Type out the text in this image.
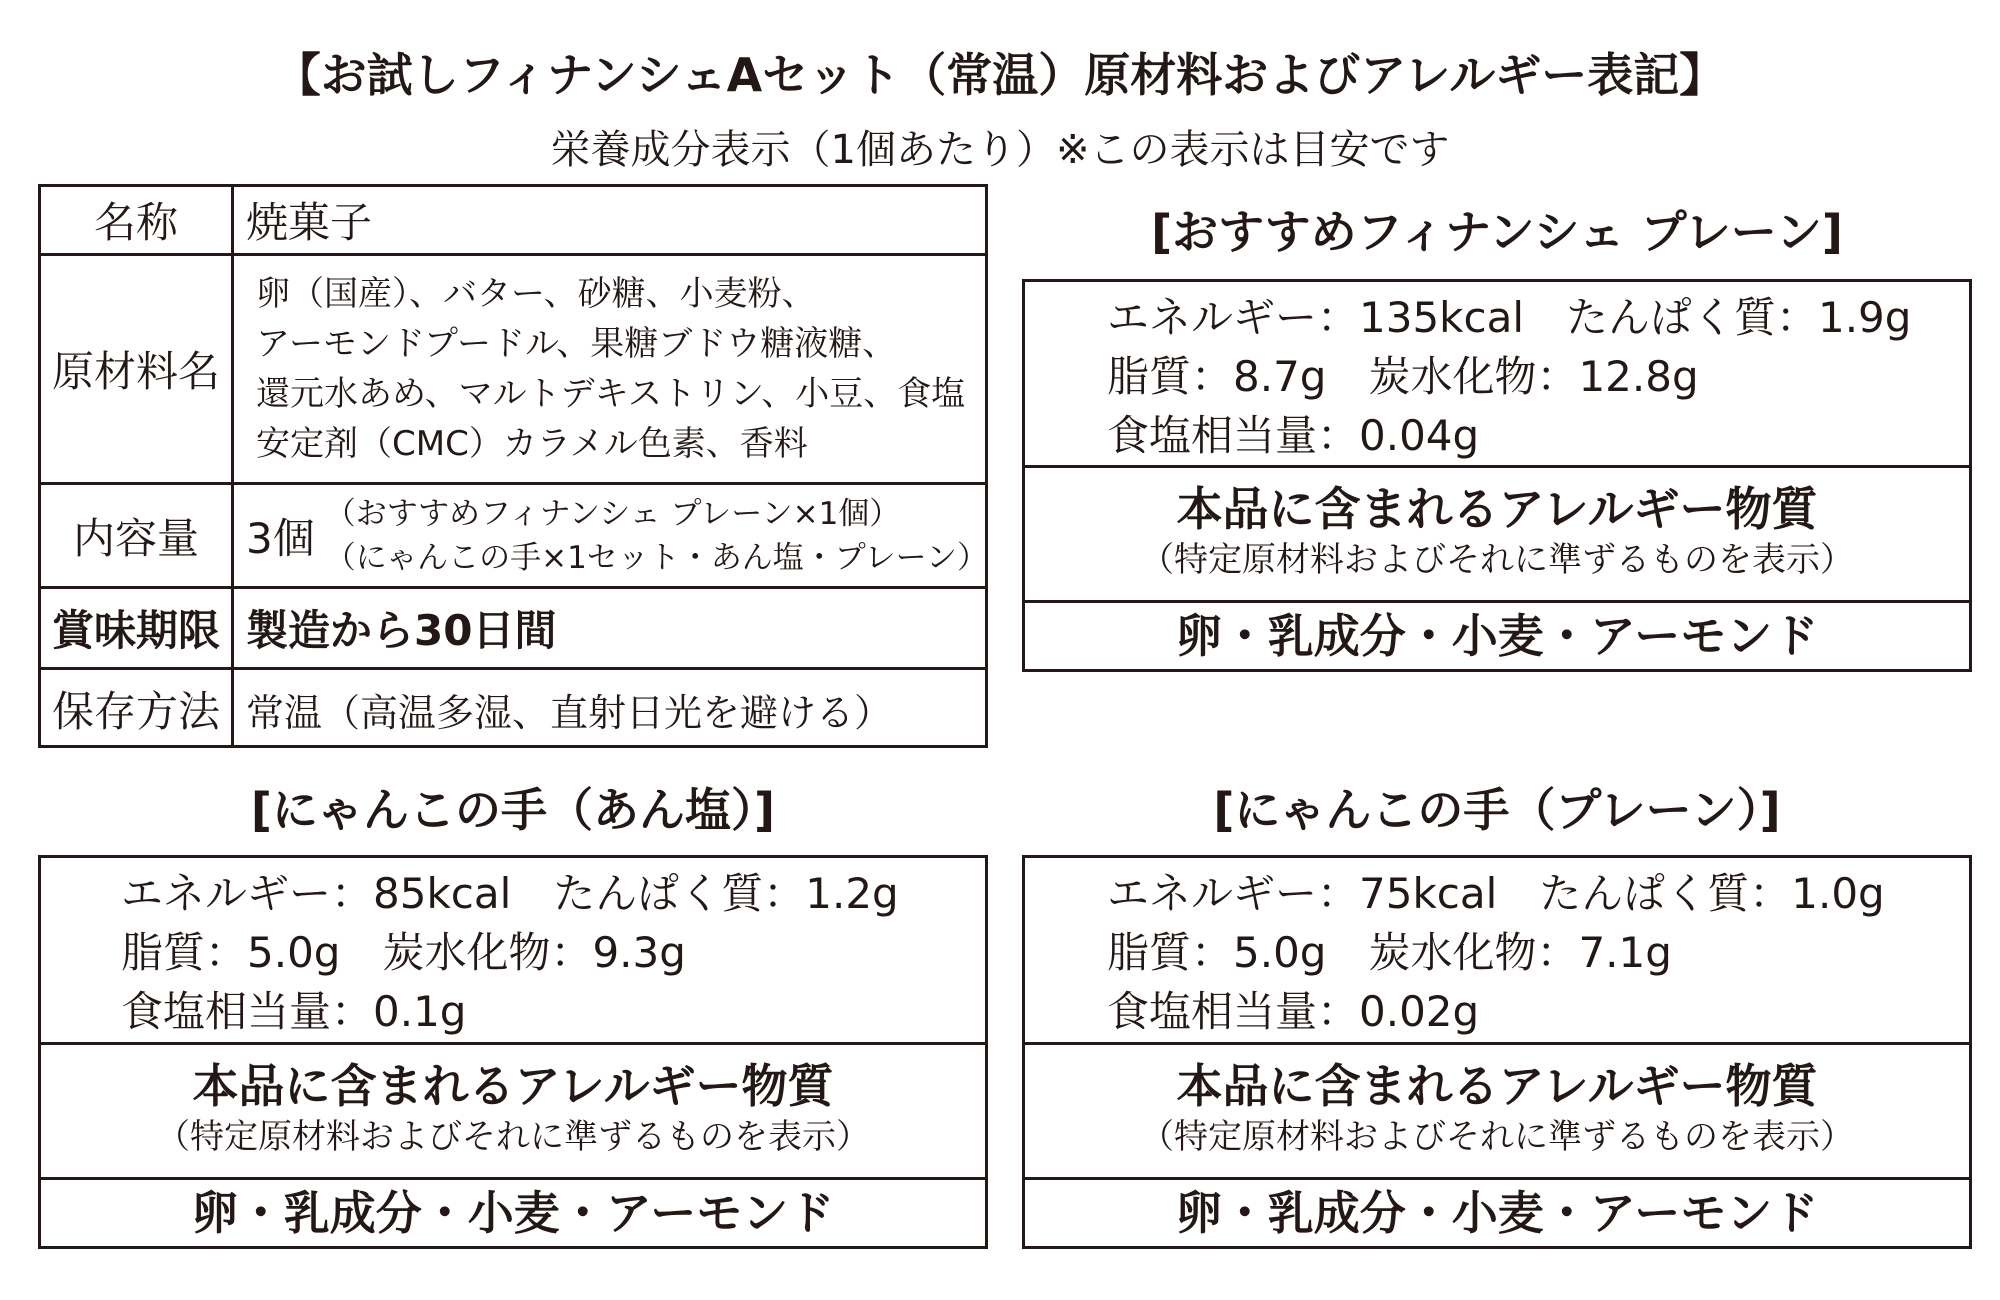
【お試しフィナンシェAセット（常温）原材料およびアレルギー表記】
栄養成分表示（1個あたり）※この表示は目安です
名称	焼菓子
原材料名
卵（国産）、バター、砂糖、小麦粉、
アーモンドプードル、果糖ブドウ糖液糖、
還元水あめ、マルトデキストリン、小豆、食塩
安定剤（CMC）カラメル色素、香料
内容量	3個 （おすすめフィナンシェ プレーン×1個）
（にゃんこの手×1セット・あん塩・プレーン）
賞味期限 製造から30日間
保存方法 常温（高温多湿、直射日光を避ける）
[おすすめフィナンシェ プレーン]
エネルギー：135kcal　たんぱく質：1.9g
脂質：8.7g　炭水化物：12.8g
食塩相当量：0.04g
本品に含まれるアレルギー物質
（特定原材料およびそれに準ずるものを表示）
卵・乳成分・小麦・アーモンド
[にゃんこの手（あん塩）]
エネルギー：85kcal　たんぱく質：1.2g
脂質：5.0g　炭水化物：9.3g
食塩相当量：0.1g
本品に含まれるアレルギー物質
（特定原材料およびそれに準ずるものを表示）
卵・乳成分・小麦・アーモンド
[にゃんこの手（プレーン）]
エネルギー：75kcal　たんぱく質：1.0g
脂質：5.0g　炭水化物：7.1g
食塩相当量：0.02g
本品に含まれるアレルギー物質
（特定原材料およびそれに準ずるものを表示）
卵・乳成分・小麦・アーモンド
